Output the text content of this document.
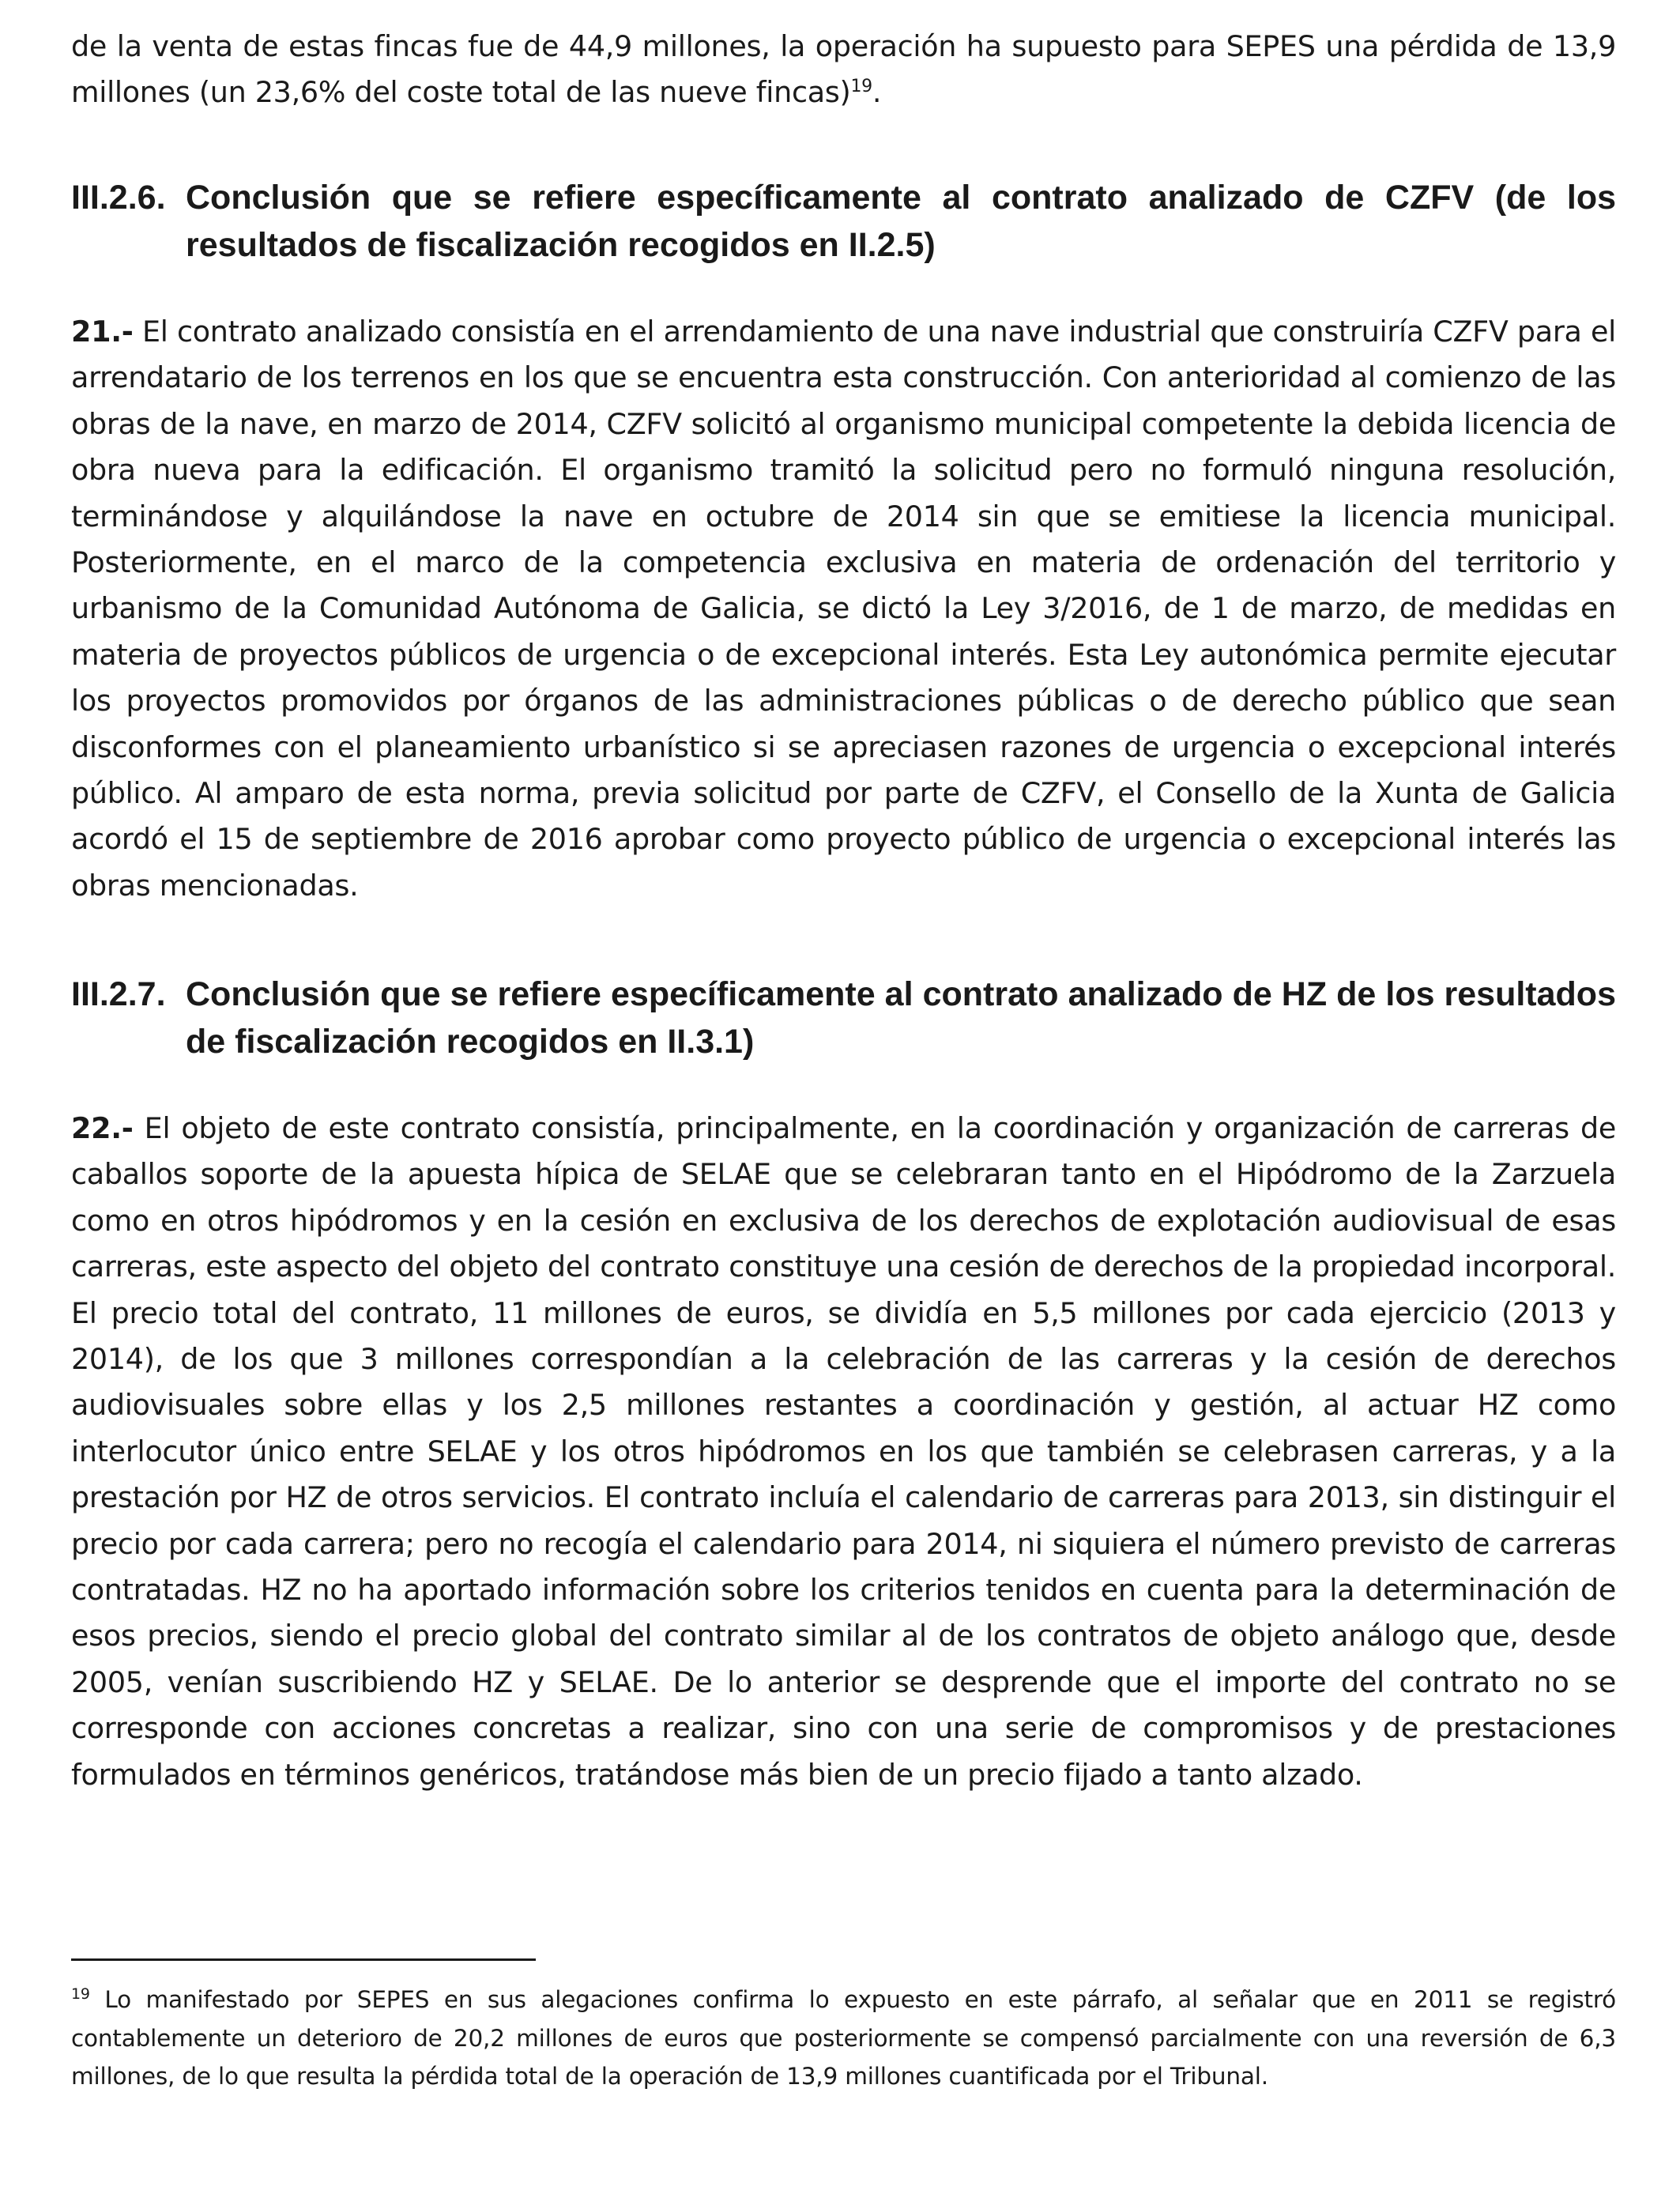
de la venta de estas fincas fue de 44,9 millones, la operación ha supuesto para SEPES una pérdida de 13,9 millones (un 23,6% del coste total de las nueve fincas)$^{19}$.

III.2.6. Conclusión que se refiere específicamente al contrato analizado de CZFV (de los resultados de fiscalización recogidos en II.2.5)

21.- El contrato analizado consistía en el arrendamiento de una nave industrial que construiría CZFV para el arrendatario de los terrenos en los que se encuentra esta construcción. Con anterioridad al comienzo de las obras de la nave, en marzo de 2014, CZFV solicitó al organismo municipal competente la debida licencia de obra nueva para la edificación. El organismo tramitó la solicitud pero no formuló ninguna resolución, terminándose y alquilándose la nave en octubre de 2014 sin que se emitiese la licencia municipal. Posteriormente, en el marco de la competencia exclusiva en materia de ordenación del territorio y urbanismo de la Comunidad Autónoma de Galicia, se dictó la Ley 3/2016, de 1 de marzo, de medidas en materia de proyectos públicos de urgencia o de excepcional interés. Esta Ley autonómica permite ejecutar los proyectos promovidos por órganos de las administraciones públicas o de derecho público que sean disconformes con el planeamiento urbanístico si se apreciasen razones de urgencia o excepcional interés público. Al amparo de esta norma, previa solicitud por parte de CZFV, el Consello de la Xunta de Galicia acordó el 15 de septiembre de 2016 aprobar como proyecto público de urgencia o excepcional interés las obras mencionadas.

III.2.7. Conclusión que se refiere específicamente al contrato analizado de HZ de los resultados de fiscalización recogidos en II.3.1)

22.- El objeto de este contrato consistía, principalmente, en la coordinación y organización de carreras de caballos soporte de la apuesta hípica de SELAE que se celebraran tanto en el Hipódromo de la Zarzuela como en otros hipódromos y en la cesión en exclusiva de los derechos de explotación audiovisual de esas carreras, este aspecto del objeto del contrato constituye una cesión de derechos de la propiedad incorporal. El precio total del contrato, 11 millones de euros, se dividía en 5,5 millones por cada ejercicio (2013 y 2014), de los que 3 millones correspondían a la celebración de las carreras y la cesión de derechos audiovisuales sobre ellas y los 2,5 millones restantes a coordinación y gestión, al actuar HZ como interlocutor único entre SELAE y los otros hipódromos en los que también se celebrasen carreras, y a la prestación por HZ de otros servicios. El contrato incluía el calendario de carreras para 2013, sin distinguir el precio por cada carrera; pero no recogía el calendario para 2014, ni siquiera el número previsto de carreras contratadas. HZ no ha aportado información sobre los criterios tenidos en cuenta para la determinación de esos precios, siendo el precio global del contrato similar al de los contratos de objeto análogo que, desde 2005, venían suscribiendo HZ y SELAE. De lo anterior se desprende que el importe del contrato no se corresponde con acciones concretas a realizar, sino con una serie de compromisos y de prestaciones formulados en términos genéricos, tratándose más bien de un precio fijado a tanto alzado.

$^{19}$ Lo manifestado por SEPES en sus alegaciones confirma lo expuesto en este párrafo, al señalar que en 2011 se registró contablemente un deterioro de 20,2 millones de euros que posteriormente se compensó parcialmente con una reversión de 6,3 millones, de lo que resulta la pérdida total de la operación de 13,9 millones cuantificada por el Tribunal.
